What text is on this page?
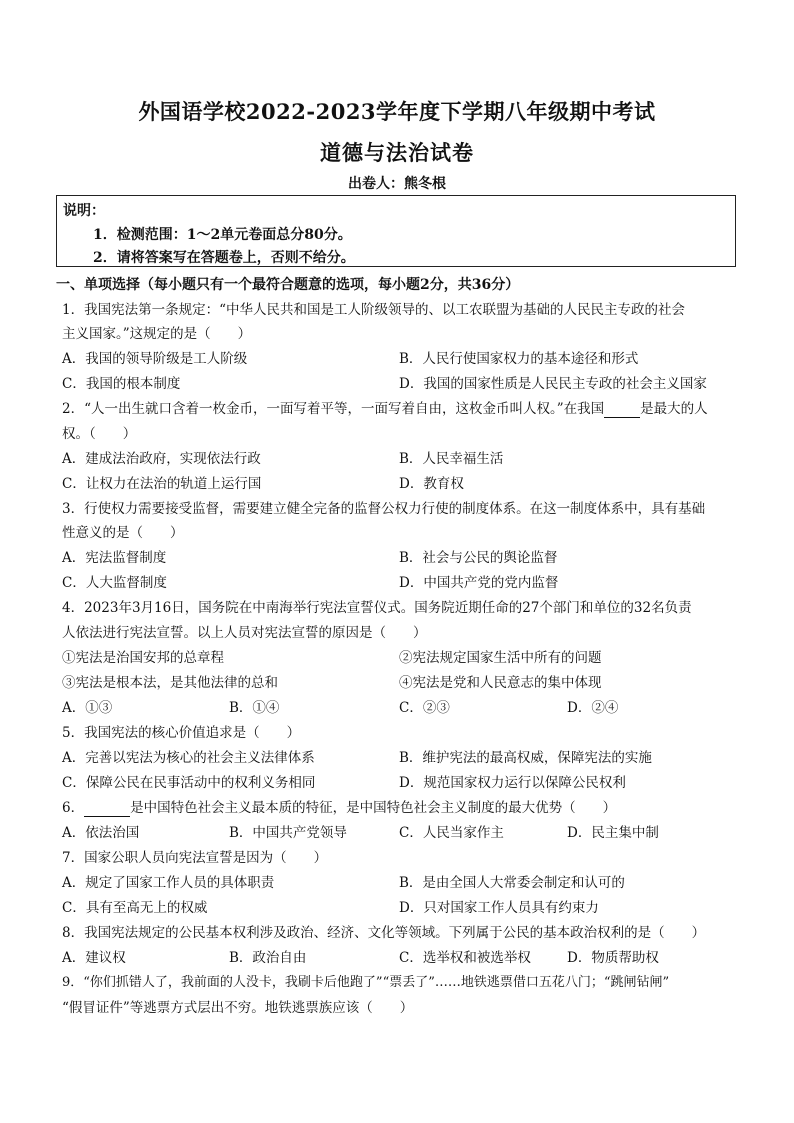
外国语学校2022-2023学年度下学期八年级期中考试
道德与法治试卷
出卷人：熊冬根
说明：
1．检测范围：1～2单元卷面总分80分。
2．请将答案写在答题卷上，否则不给分。
一、单项选择（每小题只有一个最符合题意的选项，每小题2分，共36分）
1．我国宪法第一条规定：“中华人民共和国是工人阶级领导的、以工农联盟为基础的人民民主专政的社会
主义国家。”这规定的是（　　）
A．我国的领导阶级是工人阶级	B．人民行使国家权力的基本途径和形式
C．我国的根本制度	D．我国的国家性质是人民民主专政的社会主义国家
2．“人一出生就口含着一枚金币，一面写着平等，一面写着自由，这枚金币叫人权。”在我国	是最大的人
权。（　　）
A．建成法治政府，实现依法行政	B．人民幸福生活
C．让权力在法治的轨道上运行国	D．教育权
3．行使权力需要接受监督，需要建立健全完备的监督公权力行使的制度体系。在这一制度体系中，具有基础
性意义的是（　　）
A．宪法监督制度	B．社会与公民的舆论监督
C．人大监督制度	D．中国共产党的党内监督
4．2023年3月16日，国务院在中南海举行宪法宣誓仪式。国务院近期任命的27个部门和单位的32名负责
人依法进行宪法宣誓。以上人员对宪法宣誓的原因是（　　）
①宪法是治国安邦的总章程	②宪法规定国家生活中所有的问题
③宪法是根本法，是其他法律的总和	④宪法是党和人民意志的集中体现
A．①③	B．①④	C．②③	D．②④
5．我国宪法的核心价值追求是（　　）
A．完善以宪法为核心的社会主义法律体系	B．维护宪法的最高权威，保障宪法的实施
C．保障公民在民事活动中的权利义务相同	D．规范国家权力运行以保障公民权利
6．	是中国特色社会主义最本质的特征，是中国特色社会主义制度的最大优势（　　）
A．依法治国	B．中国共产党领导	C．人民当家作主	D．民主集中制
7．国家公职人员向宪法宣誓是因为（　　）
A．规定了国家工作人员的具体职责	B．是由全国人大常委会制定和认可的
C．具有至高无上的权威	D．只对国家工作人员具有约束力
8．我国宪法规定的公民基本权利涉及政治、经济、文化等领域。下列属于公民的基本政治权利的是（　　）
A．建议权	B．政治自由	C．选举权和被选举权	D．物质帮助权
9．“你们抓错人了，我前面的人没卡，我刷卡后他跑了”“票丢了”……地铁逃票借口五花八门；“跳闸钻闸”
“假冒证件”等逃票方式层出不穷。地铁逃票族应该（　　）
